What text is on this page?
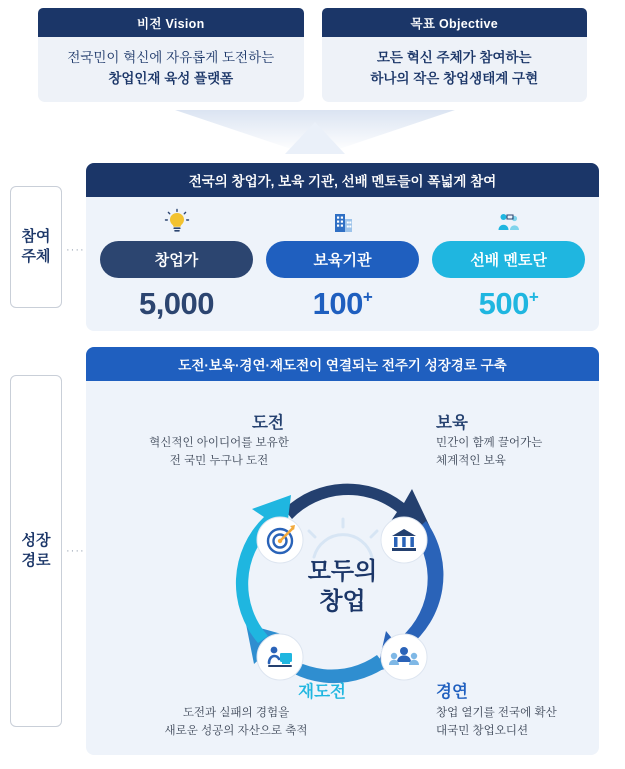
비전 Vision
전국민이 혁신에 자유롭게 도전하는
창업인재 육성 플랫폼
목표 Objective
모든 혁신 주체가 참여하는
하나의 작은 창업생태계 구현
참여
주체 ····
성장
경로
····
전국의 창업가, 보육 기관, 선배 멘토들이 폭넓게 참여
창업가
5,000
보육기관
100+
선배 멘토단
500+
도전·보육·경연·재도전이 연결되는 전주기 성장경로 구축
모두의
창업
도전
혁신적인 아이디어를 보유한
전 국민 누구나 도전
보육
민간이 함께 끌어가는
체계적인 보육
경연
창업 열기를 전국에 확산
대국민 창업오디션
재도전
도전과 실패의 경험을
새로운 성공의 자산으로 축적
